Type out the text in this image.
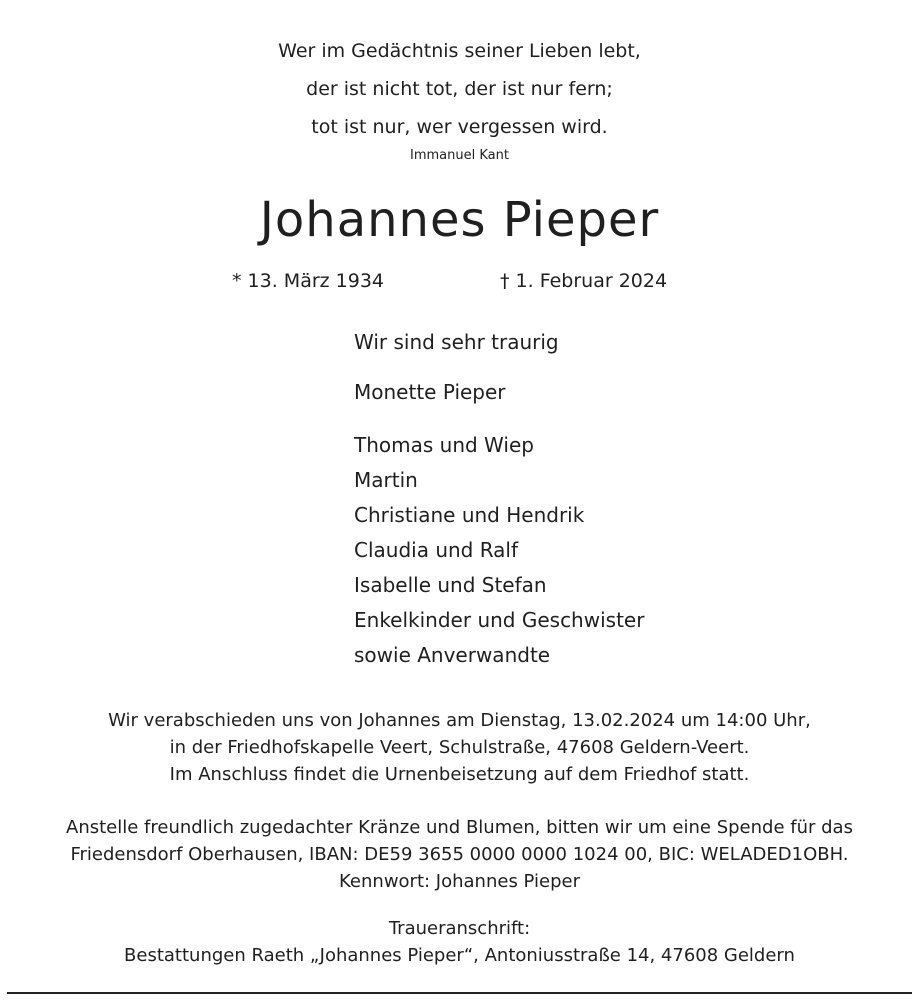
Wer im Gedächtnis seiner Lieben lebt,
der ist nicht tot, der ist nur fern;
tot ist nur, wer vergessen wird.
Immanuel Kant
Johannes Pieper
* 13. März 1934	† 1. Februar 2024
Wir sind sehr traurig
Monette Pieper
Thomas und Wiep
Martin
Christiane und Hendrik
Claudia und Ralf
Isabelle und Stefan
Enkelkinder und Geschwister
sowie Anverwandte
Wir verabschieden uns von Johannes am Dienstag, 13.02.2024 um 14:00 Uhr,
in der Friedhofskapelle Veert, Schulstraße, 47608 Geldern-Veert.
Im Anschluss findet die Urnenbeisetzung auf dem Friedhof statt.
Anstelle freundlich zugedachter Kränze und Blumen, bitten wir um eine Spende für das
Friedensdorf Oberhausen, IBAN: DE59 3655 0000 0000 1024 00, BIC: WELADED1OBH.
Kennwort: Johannes Pieper
Traueranschrift:
Bestattungen Raeth „Johannes Pieper“, Antoniusstraße 14, 47608 Geldern
